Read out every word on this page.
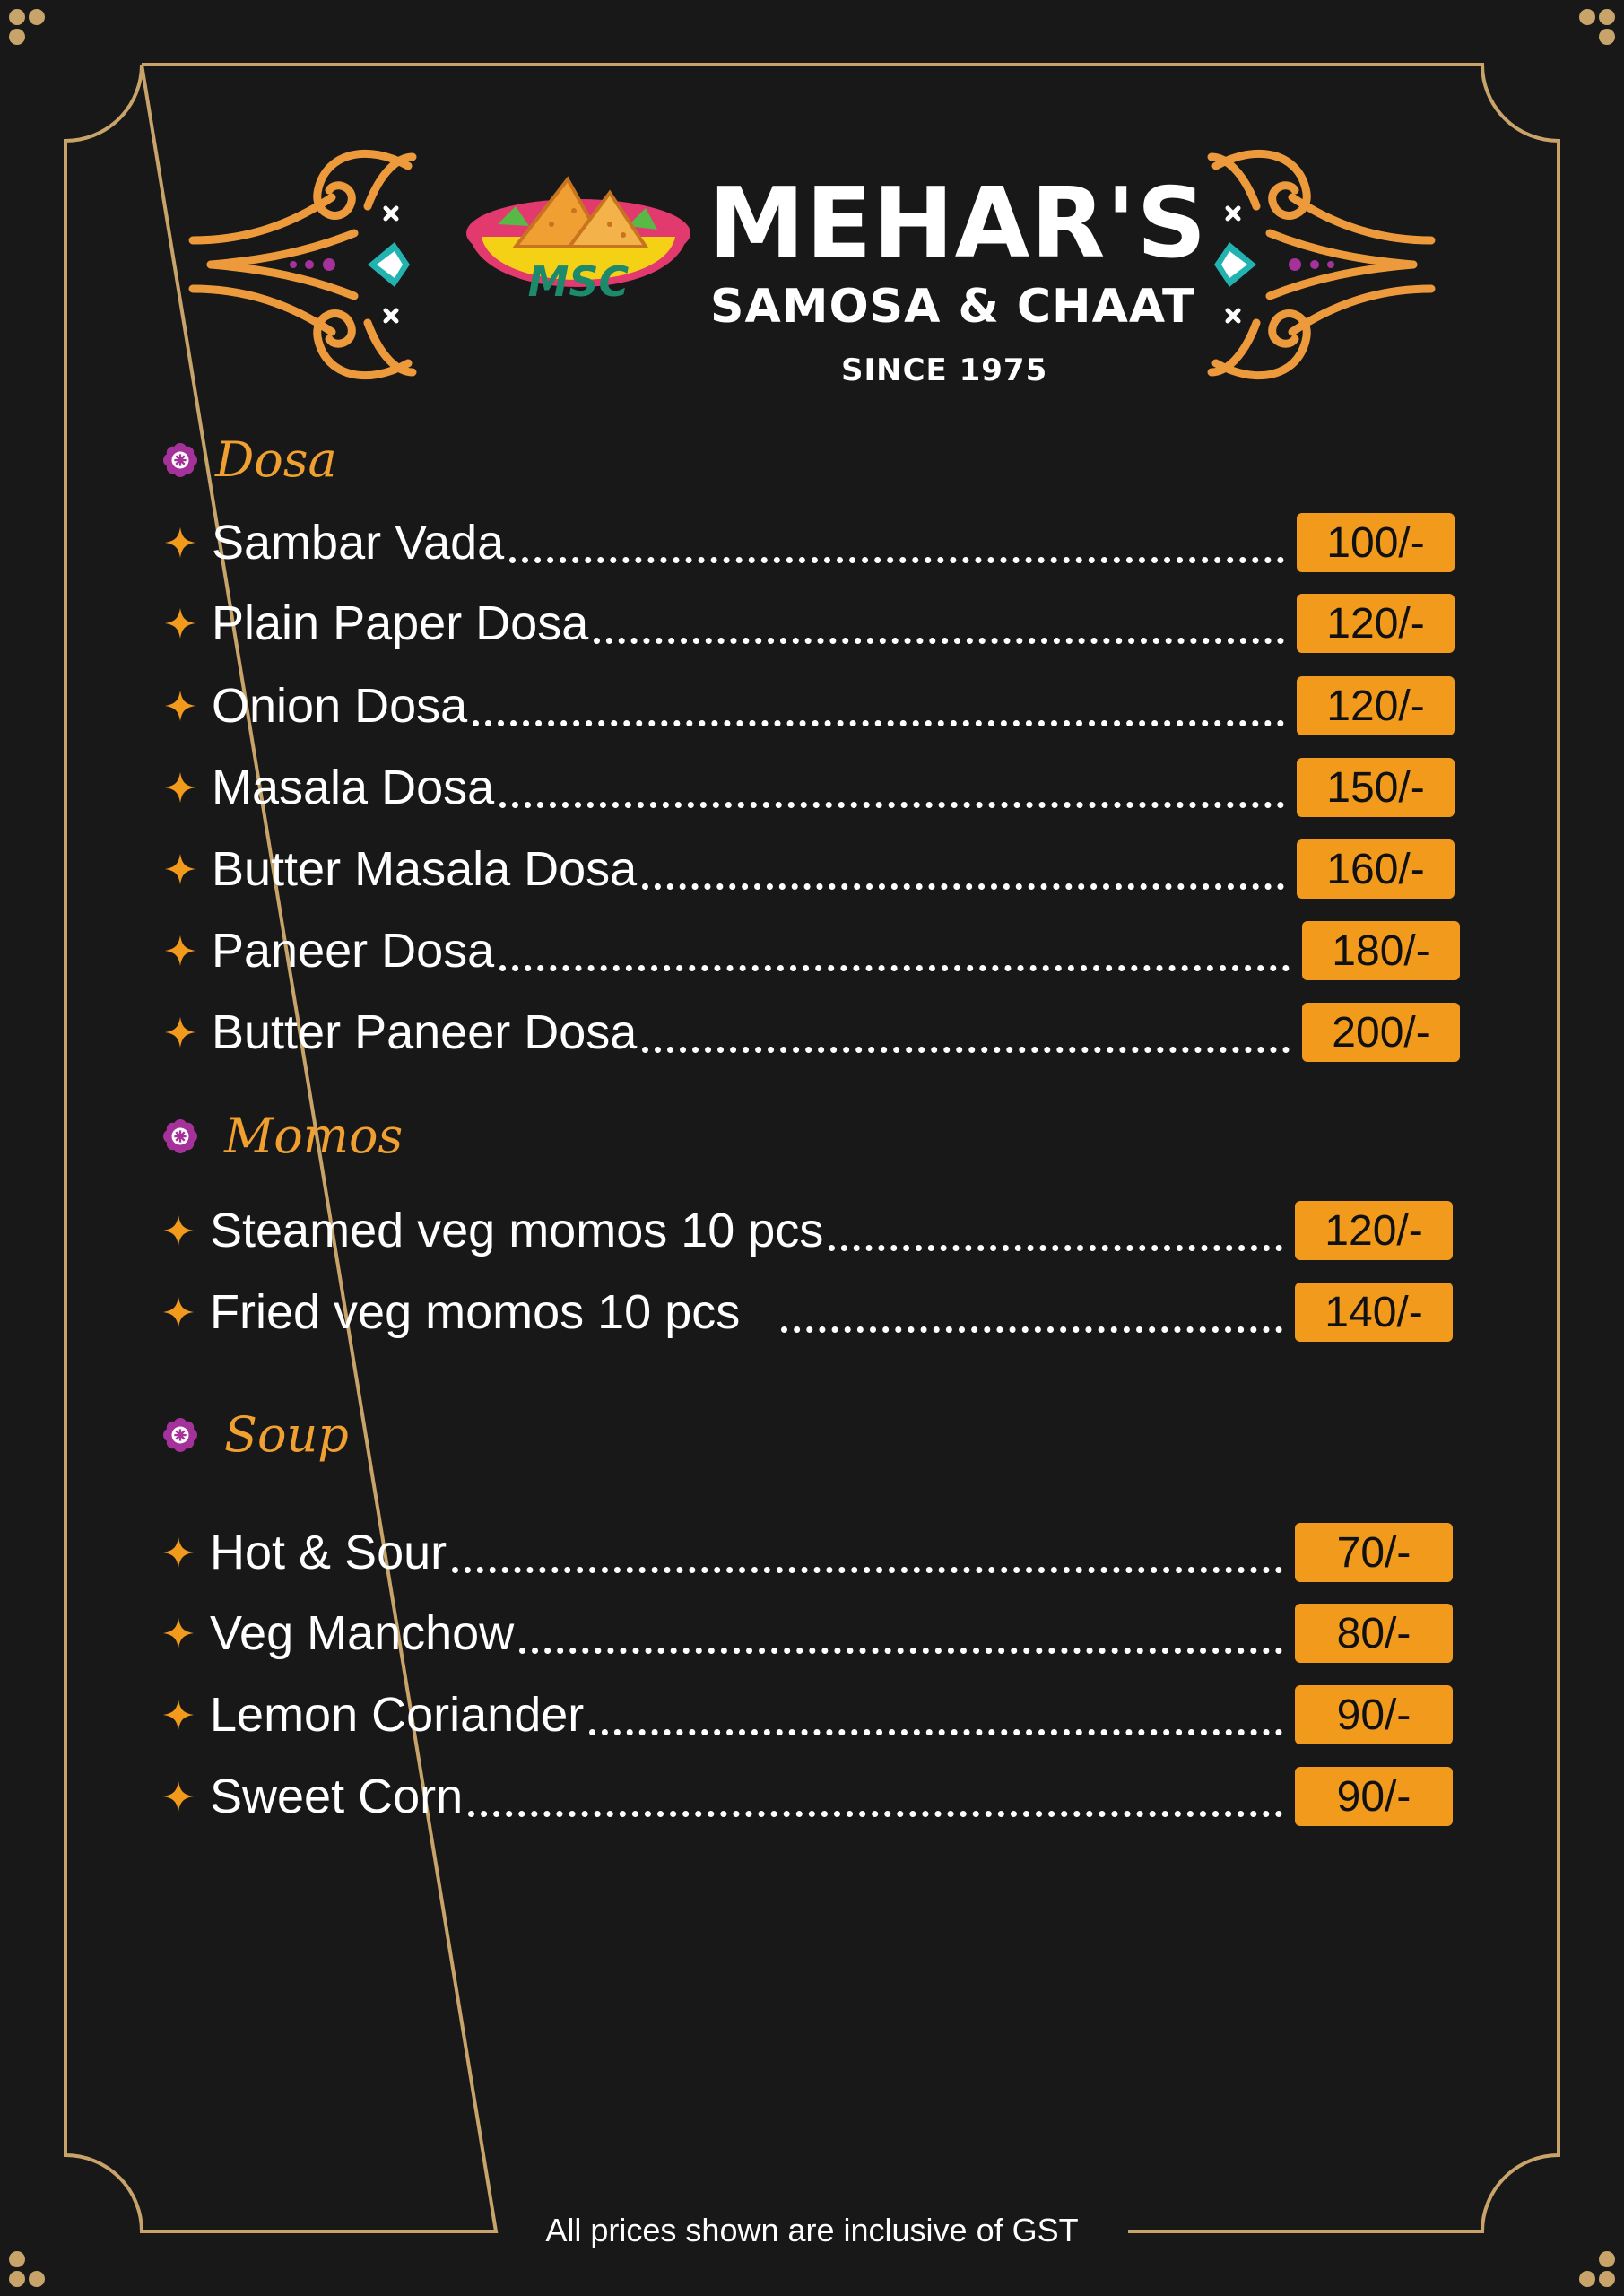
MSC
MEHAR'S
SAMOSA & CHAAT
SINCE 1975
Dosa
Sambar Vada	100/-
Plain Paper Dosa	120/-
Onion Dosa	120/-
Masala Dosa	150/-
Butter Masala Dosa	160/-
Paneer Dosa	180/-
Butter Paneer Dosa	200/-
Momos
Steamed veg momos 10 pcs	120/-
Fried veg momos 10 pcs	140/-
Soup
Hot & Sour	70/-
Veg Manchow	80/-
Lemon Coriander	90/-
Sweet Corn	90/-
All prices shown are inclusive of GST
